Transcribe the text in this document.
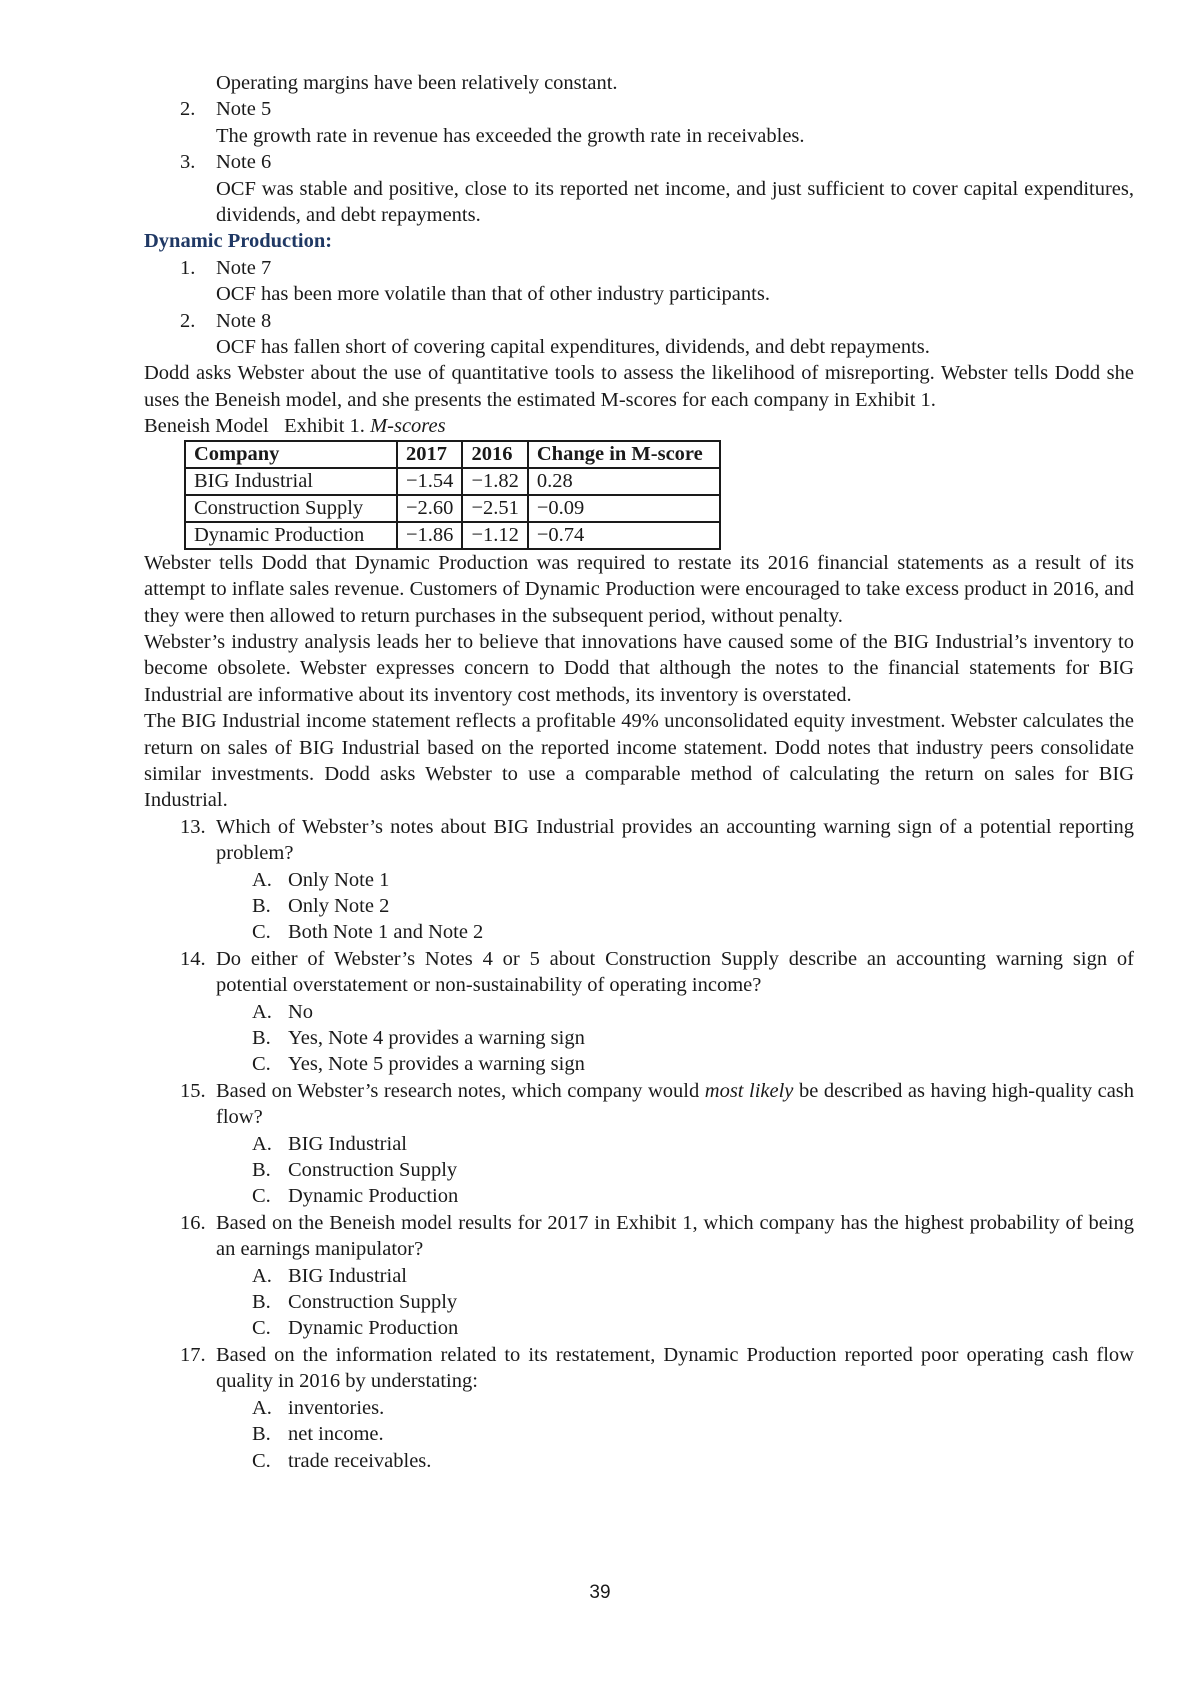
Operating margins have been relatively constant.

2.	Note 5

The growth rate in revenue has exceeded the growth rate in receivables.

3.	Note 6

OCF was stable and positive, close to its reported net income, and just sufficient to cover capital expenditures, dividends, and debt repayments.

Dynamic Production:

1.	Note 7

OCF has been more volatile than that of other industry participants.

2.	Note 8

OCF has fallen short of covering capital expenditures, dividends, and debt repayments.

Dodd asks Webster about the use of quantitative tools to assess the likelihood of misreporting. Webster tells Dodd she uses the Beneish model, and she presents the estimated M-scores for each company in Exhibit 1.

Beneish Model Exhibit 1. M-scores

Company	2017	2016	Change in M-score
BIG Industrial	−1.54	−1.82	0.28
Construction Supply	−2.60	−2.51	−0.09
Dynamic Production	−1.86	−1.12	−0.74

Webster tells Dodd that Dynamic Production was required to restate its 2016 financial statements as a result of its attempt to inflate sales revenue. Customers of Dynamic Production were encouraged to take excess product in 2016, and they were then allowed to return purchases in the subsequent period, without penalty.

Webster’s industry analysis leads her to believe that innovations have caused some of the BIG Industrial’s inventory to become obsolete. Webster expresses concern to Dodd that although the notes to the financial statements for BIG Industrial are informative about its inventory cost methods, its inventory is overstated.

The BIG Industrial income statement reflects a profitable 49% unconsolidated equity investment. Webster calculates the return on sales of BIG Industrial based on the reported income statement. Dodd notes that industry peers consolidate similar investments. Dodd asks Webster to use a comparable method of calculating the return on sales for BIG Industrial.

13. Which of Webster’s notes about BIG Industrial provides an accounting warning sign of a potential reporting problem?
A. Only Note 1
B. Only Note 2
C. Both Note 1 and Note 2
14. Do either of Webster’s Notes 4 or 5 about Construction Supply describe an accounting warning sign of potential overstatement or non-sustainability of operating income?
A. No
B. Yes, Note 4 provides a warning sign
C. Yes, Note 5 provides a warning sign
15. Based on Webster’s research notes, which company would most likely be described as having high-quality cash flow?
A. BIG Industrial
B. Construction Supply
C. Dynamic Production
16. Based on the Beneish model results for 2017 in Exhibit 1, which company has the highest probability of being an earnings manipulator?
A. BIG Industrial
B. Construction Supply
C. Dynamic Production
17. Based on the information related to its restatement, Dynamic Production reported poor operating cash flow quality in 2016 by understating:
A. inventories.
B. net income.
C. trade receivables.
39
